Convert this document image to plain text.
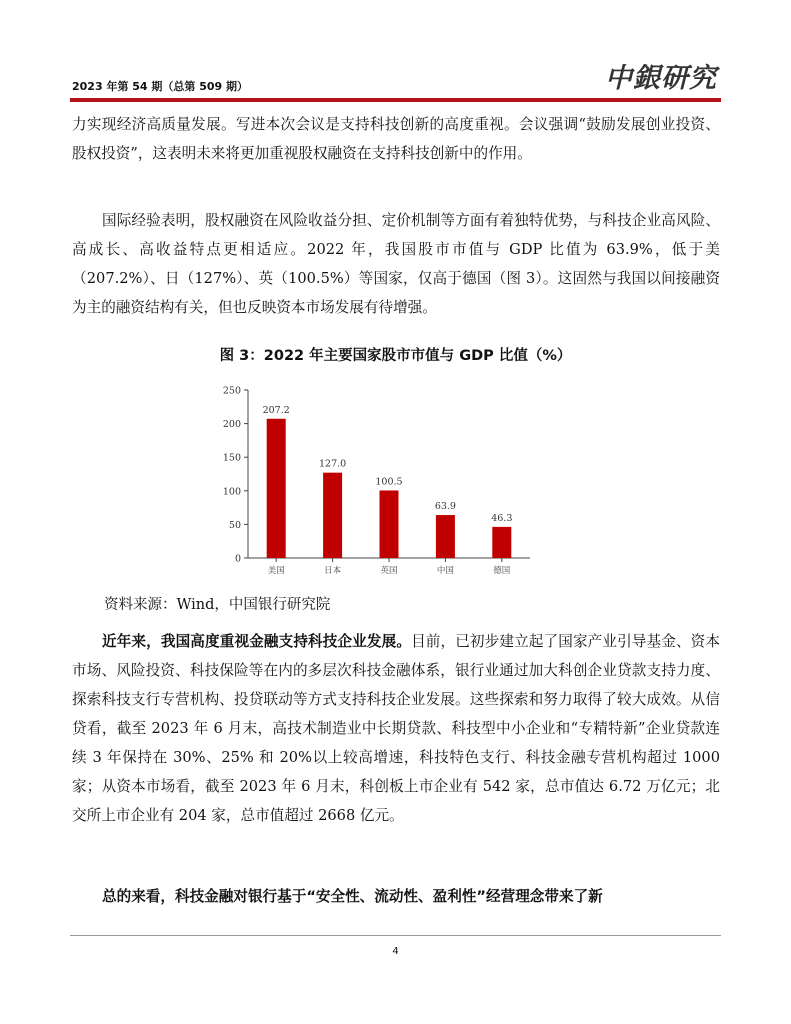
2023 年第 54 期（总第 509 期）	中銀研究

力实现经济高质量发展。写进本次会议是支持科技创新的高度重视。会议强调“鼓励发展创业投资、股权投资”，这表明未来将更加重视股权融资在支持科技创新中的作用。

国际经验表明，股权融资在风险收益分担、定价机制等方面有着独特优势，与科技企业高风险、高成长、高收益特点更相适应。2022 年，我国股市市值与 GDP 比值为 63.9%，低于美（207.2%）、日（127%）、英（100.5%）等国家，仅高于德国（图 3）。这固然与我国以间接融资为主的融资结构有关，但也反映资本市场发展有待增强。

图 3：2022 年主要国家股市市值与 GDP 比值（%）
0
50
100
150
200
250
207.2
美国
127.0
日本
100.5
英国
63.9
中国
46.3
德国

资料来源：Wind，中国银行研究院

近年来，我国高度重视金融支持科技企业发展。目前，已初步建立起了国家产业引导基金、资本市场、风险投资、科技保险等在内的多层次科技金融体系，银行业通过加大科创企业贷款支持力度、探索科技支行专营机构、投贷联动等方式支持科技企业发展。这些探索和努力取得了较大成效。从信贷看，截至 2023 年 6 月末，高技术制造业中长期贷款、科技型中小企业和“专精特新”企业贷款连续 3 年保持在 30%、25% 和 20%以上较高增速，科技特色支行、科技金融专营机构超过 1000 家；从资本市场看，截至 2023 年 6 月末，科创板上市企业有 542 家，总市值达 6.72 万亿元；北交所上市企业有 204 家，总市值超过 2668 亿元。

总的来看，科技金融对银行基于“安全性、流动性、盈利性”经营理念带来了新

4
